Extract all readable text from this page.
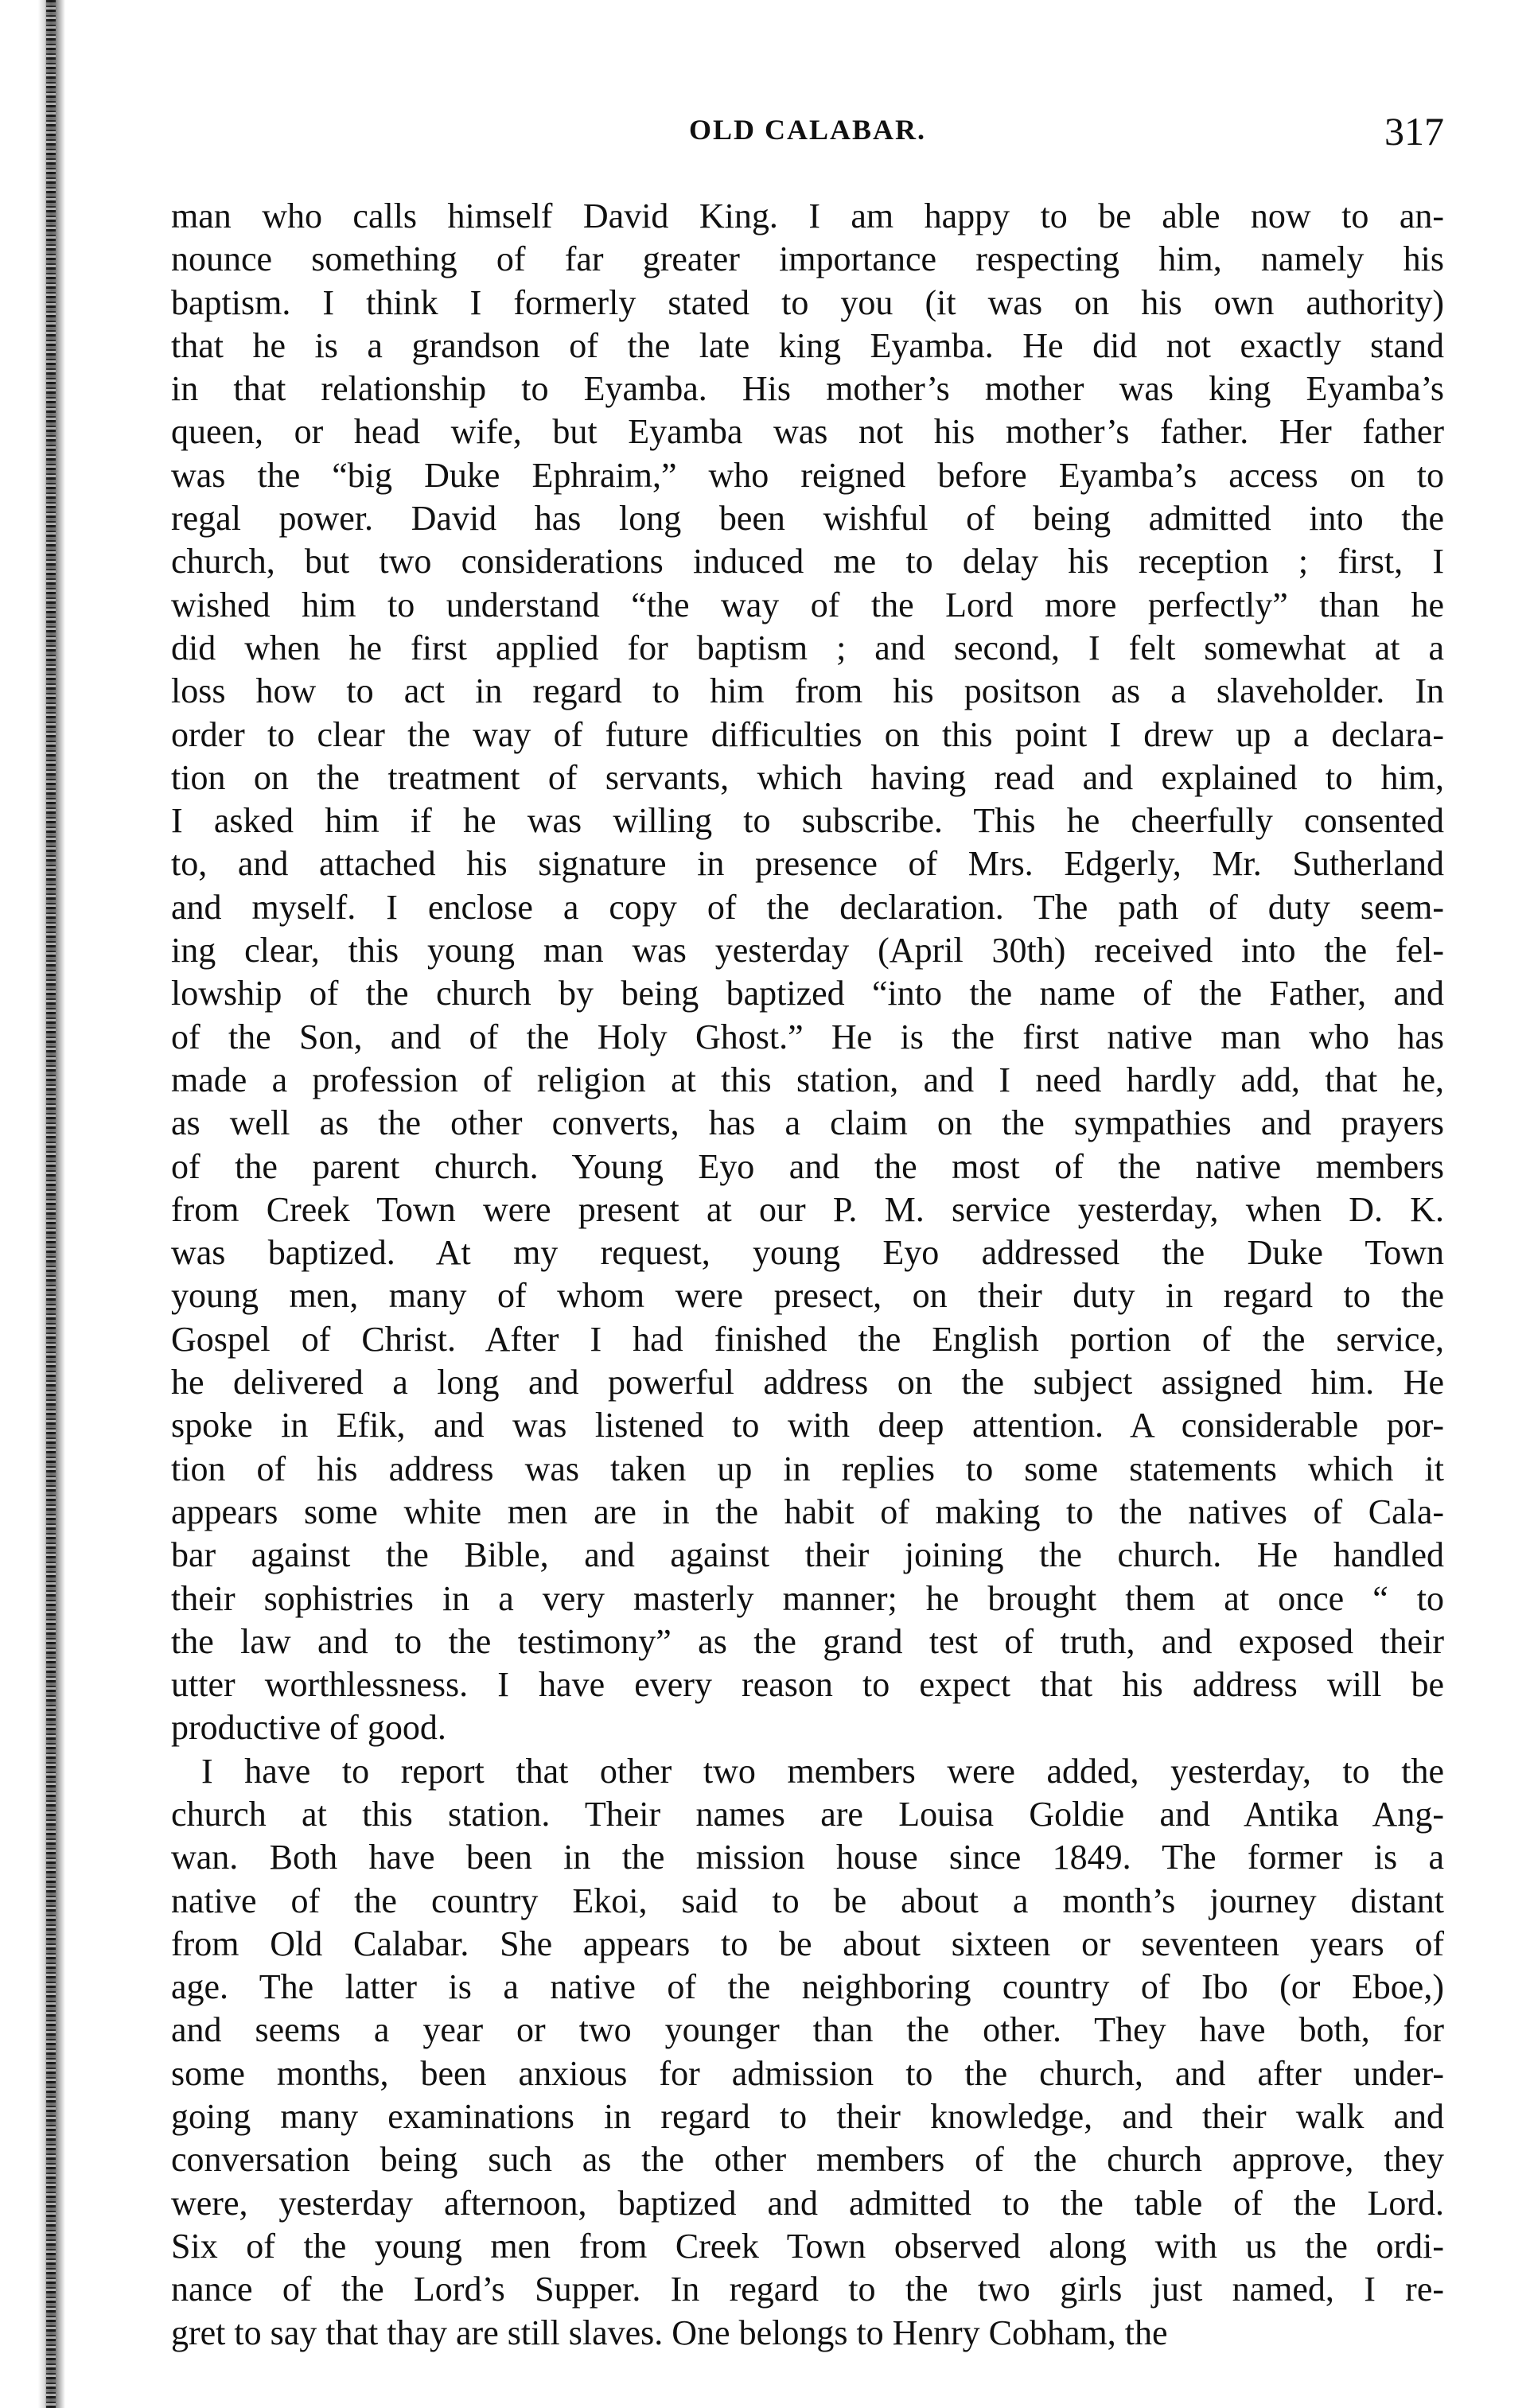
OLD CALABAR.	317
man who calls himself David King. I am happy to be able now to an-
nounce something of far greater importance respecting him, namely his
baptism. I think I formerly stated to you (it was on his own authority)
that he is a grandson of the late king Eyamba. He did not exactly stand
in that relationship to Eyamba. His mother’s mother was king Eyamba’s
queen, or head wife, but Eyamba was not his mother’s father. Her father
was the “big Duke Ephraim,” who reigned before Eyamba’s access on to
regal power. David has long been wishful of being admitted into the
church, but two considerations induced me to delay his reception ; first, I
wished him to understand “the way of the Lord more perfectly” than he
did when he first applied for baptism ; and second, I felt somewhat at a
loss how to act in regard to him from his positson as a slaveholder. In
order to clear the way of future difficulties on this point I drew up a declara-
tion on the treatment of servants, which having read and explained to him,
I asked him if he was willing to subscribe. This he cheerfully consented
to, and attached his signature in presence of Mrs. Edgerly, Mr. Sutherland
and myself. I enclose a copy of the declaration. The path of duty seem-
ing clear, this young man was yesterday (April 30th) received into the fel-
lowship of the church by being baptized “into the name of the Father, and
of the Son, and of the Holy Ghost.” He is the first native man who has
made a profession of religion at this station, and I need hardly add, that he,
as well as the other converts, has a claim on the sympathies and prayers
of the parent church. Young Eyo and the most of the native members
from Creek Town were present at our P. M. service yesterday, when D. K.
was baptized. At my request, young Eyo addressed the Duke Town
young men, many of whom were presect, on their duty in regard to the
Gospel of Christ. After I had finished the English portion of the service,
he delivered a long and powerful address on the subject assigned him. He
spoke in Efik, and was listened to with deep attention. A considerable por-
tion of his address was taken up in replies to some statements which it
appears some white men are in the habit of making to the natives of Cala-
bar against the Bible, and against their joining the church. He handled
their sophistries in a very masterly manner; he brought them at once “ to
the law and to the testimony” as the grand test of truth, and exposed their
utter worthlessness. I have every reason to expect that his address will be
productive of good.
I have to report that other two members were added, yesterday, to the
church at this station. Their names are Louisa Goldie and Antika Ang-
wan. Both have been in the mission house since 1849. The former is a
native of the country Ekoi, said to be about a month’s journey distant
from Old Calabar. She appears to be about sixteen or seventeen years of
age. The latter is a native of the neighboring country of Ibo (or Eboe,)
and seems a year or two younger than the other. They have both, for
some months, been anxious for admission to the church, and after under-
going many examinations in regard to their knowledge, and their walk and
conversation being such as the other members of the church approve, they
were, yesterday afternoon, baptized and admitted to the table of the Lord.
Six of the young men from Creek Town observed along with us the ordi-
nance of the Lord’s Supper. In regard to the two girls just named, I re-
gret to say that thay are still slaves. One belongs to Henry Cobham, the
